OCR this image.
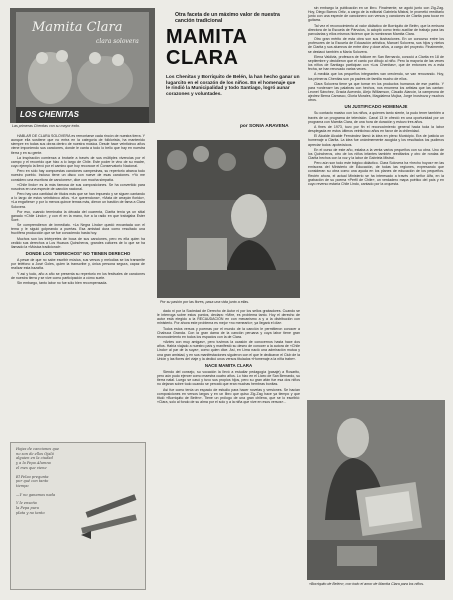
Mamita Clara
clara solovera
LOS CHENITAS
Las primeras Chenitas con su mayor éxito.
Otra faceta de un máximo valor de nuestra canción tradicional
MAMITA CLARA
Los Chenitas y Borriquito de Belén, la han hecho ganar un lugarcito en el corazón de los niños. En el homenaje que le rindió la Municipalidad y todo Santiago, logró aunar corazones y voluntades.
por SONIA ARAVENA

HABLAR DE CLARA SOLOVERA es remontarse cada rincón de nuestra tierra. Y aunque ella sostiene que no entra en la categoría de folklorista, ha mantenido siempre en todas sus obras dentro de nuestra música. Desde hace veinticinco años viene imponiendo sus canciones, donde le canta a todo lo bello que hay en nuestra tierra y en su gente.

La inspiración comienza a brotarle a través de sus múltiples vivencias por el campo y el recorrido que hizo a lo largo de Chile. Este poder le vino de su madre, cuyo ejemplo la llevó por el camino que hoy reconoce el Conservatorio Nacional.

Pero en sólo hay compuestas canciones campesinas, su repertorio abarca todo nuestro pueblo. Incluso tiene un disco con nueve de esas canciones. «Yo me considero una escritora de canciones», dice con mucha simpatía.

«Chile lindo» es la más famosa de sus composiciones. Se ha convertido para nosotros en una especie de canción nacional.

Pero hay una cantidad de títulos más que se han impuesto y se siguen cantando a lo largo de estos veinticinco años. «Le querendona», «Mata de arrayán florido», «La engañera» y por lo menos quince temas más, dieron un bastión de fama a Clara Solovera.

Por eso, cuando terminaba la década del cuarenta, Clarita tenía ya un sitial ganado «Chile Lindo», y con él en la mano, fue a la radio en que trabajaba Ester Soré.

Se comprendieron de inmediato. «La Negra Linda» quedó encantada con el tema y le siguió golpeando a puertas. Esa amistad dura como resultado una fructífera producción que se fue conociendo hasta hoy.

Muchos son los intérpretes de boca de sus canciones, pero es ella quien ha cedido sus derechos a Los Huasos Quincheros, grandes cultores de lo que se ha llamado la «Música tradicional».

DONDE LOS "DERECHOS" NO TIENEN DERECHO

A pesar de que no sabe escribir música, sus versos y melodías se los transmite por teléfono a José Goles, quien la transcribe y, única persona segura, capaz de realizar esta hazaña.

Y así y todo, año a año se presenta su repertorio en los festivales de canciones de nuestra tierra y se vive como participación a cómo suele.

Sin embargo, tanto labor no fue sólo bien recompensada.

Hojas de canciones que
no son de ellos Ojalá
alguien en la ciudad
y a la Pepa Alumna
el mes que viene
El Pelao pregunta
por qué con tanto
tiempo
—Y no ganamos nada
Y le enseña
la Pepa pura
plata y no tanto
Por su pasión por las flores, pasa una vida junto a ellas.

dado ni por la Sociedad de Derecho de Autor ni por los sellos grabadores. Cuando se le interroga sobre estos puntos, declara: «Mire, es problema tanto. Hoy el derecho de autor está elegido a la RECAUDACIÓN en con mecanismo a y a la distribución con ministerio. Por ahora este problema es mejor «no menearlo», ya llegará el día».

Todos estos versos y poemas por el mundo de la canción le permitieron conocer a Chabuca Granda. Con la gran dama de la canción peruana y cuya labor tiene gran reconocimiento en todos los espacios con la de Clara.

«Antes con muy amigas», pero tuvimos la ocasión de conocernos hasta hace dos años. Había viajado a nuestro país y manifestó su deseo de conocer a la autora de «Chile Lindo» al par de la suya», como quien dice. Así, en Lima nació una admiración mutua y una gran amistad, y en sus manifestaciones siguieron con el que le dedicaron el Club de la Unión y las flores del viaje y la dedicó unos versos titulados «Homenaje a la niña trabe».

NACE MAMITA CLARA

Siendo del consejo, su vocación la llevó a estudiar pedagogía (pasaje) a Rosarito, pero aún pudo ejercer como maestra cuatro años. Lo hizo en el Liceo de San Bernardo, su tierra natal. Luego se casó y tuvo sus propios hijos, pero su gran afán fue esa dos niños no dejaran sobre todo cuando se percató que eran muchas hembras bonitas.

Así fue como tenía un espacio de estudio para hacer novelas y versiones. Se hacían composiciones en versos largos y en un libro que quiso Zig-Zag hace ya tiempo y que tituló «Borriquito de Belén». Tiene un prólogo de una gran chilena, que se lo escribió: «Clara, solo al fondo de su alma por el solo y a la niña que vive en esos versos»...

sin embargo la publicación en un libro. Finalmente, se agotó junto con Zig-Zag. Hoy, Diego Barros Ortiz, a cargo de la editorial Gabriela Mistral, le prometió reeditarlo junto con una especie de cancionero con versos y canciones de Clarita para tocar en guitarra.

Tal vez el reconocimiento al valor didáctico de Borriquito de Belén, que la emisora directora de la Escuela de Párvulos, lo adoptó como texto auxiliar de trabajo para las parvularias y ellos mismos hicieron que la nombraran Mamita Clara.

Otro gran mérito de esta obra son sus ilustraciones. En un concurso entre los profesores de la Escuela de Educación artística, Manuel Solovera, sus hijos y nietos de Clarita y sus alumnos de entre diez y doce años, a cargo del proyecto. Finalmente, se destacó también a María Solovera.

Elena Valdivia, profesora de folklore en San Bernardo, conoció a Clarita en 18 de septiembre y decidieron que el canto por dibujo al niño. Pero la mayoría de las veces los niños de Santiago participan con «Los Chenitas», que de entonces es a esta fecha, se han renovado varias veces.

A medida que los pequeños integrantes van creciendo, se van renovando. Hoy, los primeros Chenitas son ya padres de familia mucho de ellos.

Clara Solovera tiene ya que tomar en los productos humanos de ese pueblo. Y para «ordenar» las palabras con hechos, nos enumera los artistas que las cantan: Leonel Sánchez, Gracia Acevedo, Alejo Williamson, Claudio Alarcón, la campeona de ajedrez Berna Carrasco, Gloria Morales, Magdalena Mujica, Jorge Inostroza y muchos otros.

UN JUSTIFICADO HOMENAJE

Su contacto masivo con los niños, a quienes tanto siente, la pudo tener también a través de un programa de televisión. Canal 13 le ofreció en una oportunidad por un programa con Mamita Clara, de una hora de duración y estuvo tres años.

A fines de 1973, tuvo por fin el reconocimiento general hacia toda la labor desplegada en estos últimos veinticinco años en favor de la chilenidad.

El Alcalde Alcalde Fernández llamó la idea en pleno Municipio. Era de justicia un homenaje a Clarita. La idea fue unánimemente acogida y los resultados los pudimos apreciar todos: apoteósicos.

En el curso de este año, estaba a la venta varios pequeños con su obra. Uno de los Quincheros, otro de los niños infantes también reeditarlos y otro de rondas de Clarita hechos con la voz y la labor de Gabriela Mistral.

Pero aún son todo este trágico didáctico. Clara Solovera ha «hecho hoyos» en las emisoras del Ministerio de Educación, de todas las regiones, expresando que consideran su obra como una ayuda en los planes de educación de los pequeños. Recién ahora, el actual Ministerio se ha interesado a través del señor Alfa, en la grabación de su poema «Perfil de Chile», un verdadero mapa poético del país y en cuyo reverso estaría Chile Lindo, cantado por la orquesta.

«Borriquito de Belén», con todo el amor de Mamita Clara para los niños.
